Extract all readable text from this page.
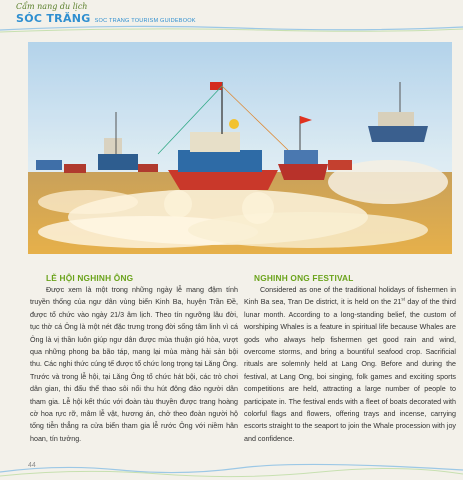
Cẩm nang du lịch
SÓC TRĂNG SOC TRANG TOURISM GUIDEBOOK
LỄ HỘI NGHINH ÔNG	NGHINH ONG FESTIVAL

Được xem là một trong những ngày lễ mang đậm tính truyền thống của ngư dân vùng biển Kinh Ba, huyện Trần Đề, được tổ chức vào ngày 21/3 âm lịch. Theo tín ngưỡng lâu đời, tục thờ cá Ông là một nét đặc trưng trong đời sống tâm linh vì cá Ông là vị thần luôn giúp ngư dân được mùa thuận gió hòa, vượt qua những phong ba bão táp, mang lại mùa màng hải sản bội thu. Các nghi thức cúng tế được tổ chức long trọng tại Lăng Ông. Trước và trong lễ hội, tại Lăng Ông tổ chức hát bội, các trò chơi dân gian, thi đấu thể thao sôi nổi thu hút đông đảo người dân tham gia. Lễ hội kết thúc với đoàn tàu thuyền được trang hoàng cờ hoa rực rỡ, mâm lễ vật, hương án, chở theo đoàn người hộ tống tiễn thẳng ra cửa biển tham gia lễ rước Ông với niềm hân hoan, tín tưởng.

Considered as one of the traditional holidays of fishermen in Kinh Ba sea, Tran De district, it is held on the 21st day of the third lunar month. According to a long-standing belief, the custom of worshiping Whales is a feature in spiritual life because Whales are gods who always help fishermen get good rain and wind, overcome storms, and bring a bountiful seafood crop. Sacrificial rituals are solemnly held at Lang Ong. Before and during the festival, at Lang Ong, boi singing, folk games and exciting sports competitions are held, attracting a large number of people to participate in. The festival ends with a fleet of boats decorated with colorful flags and flowers, offering trays and incense, carrying escorts straight to the seaport to join the Whale procession with joy and confidence.

44
